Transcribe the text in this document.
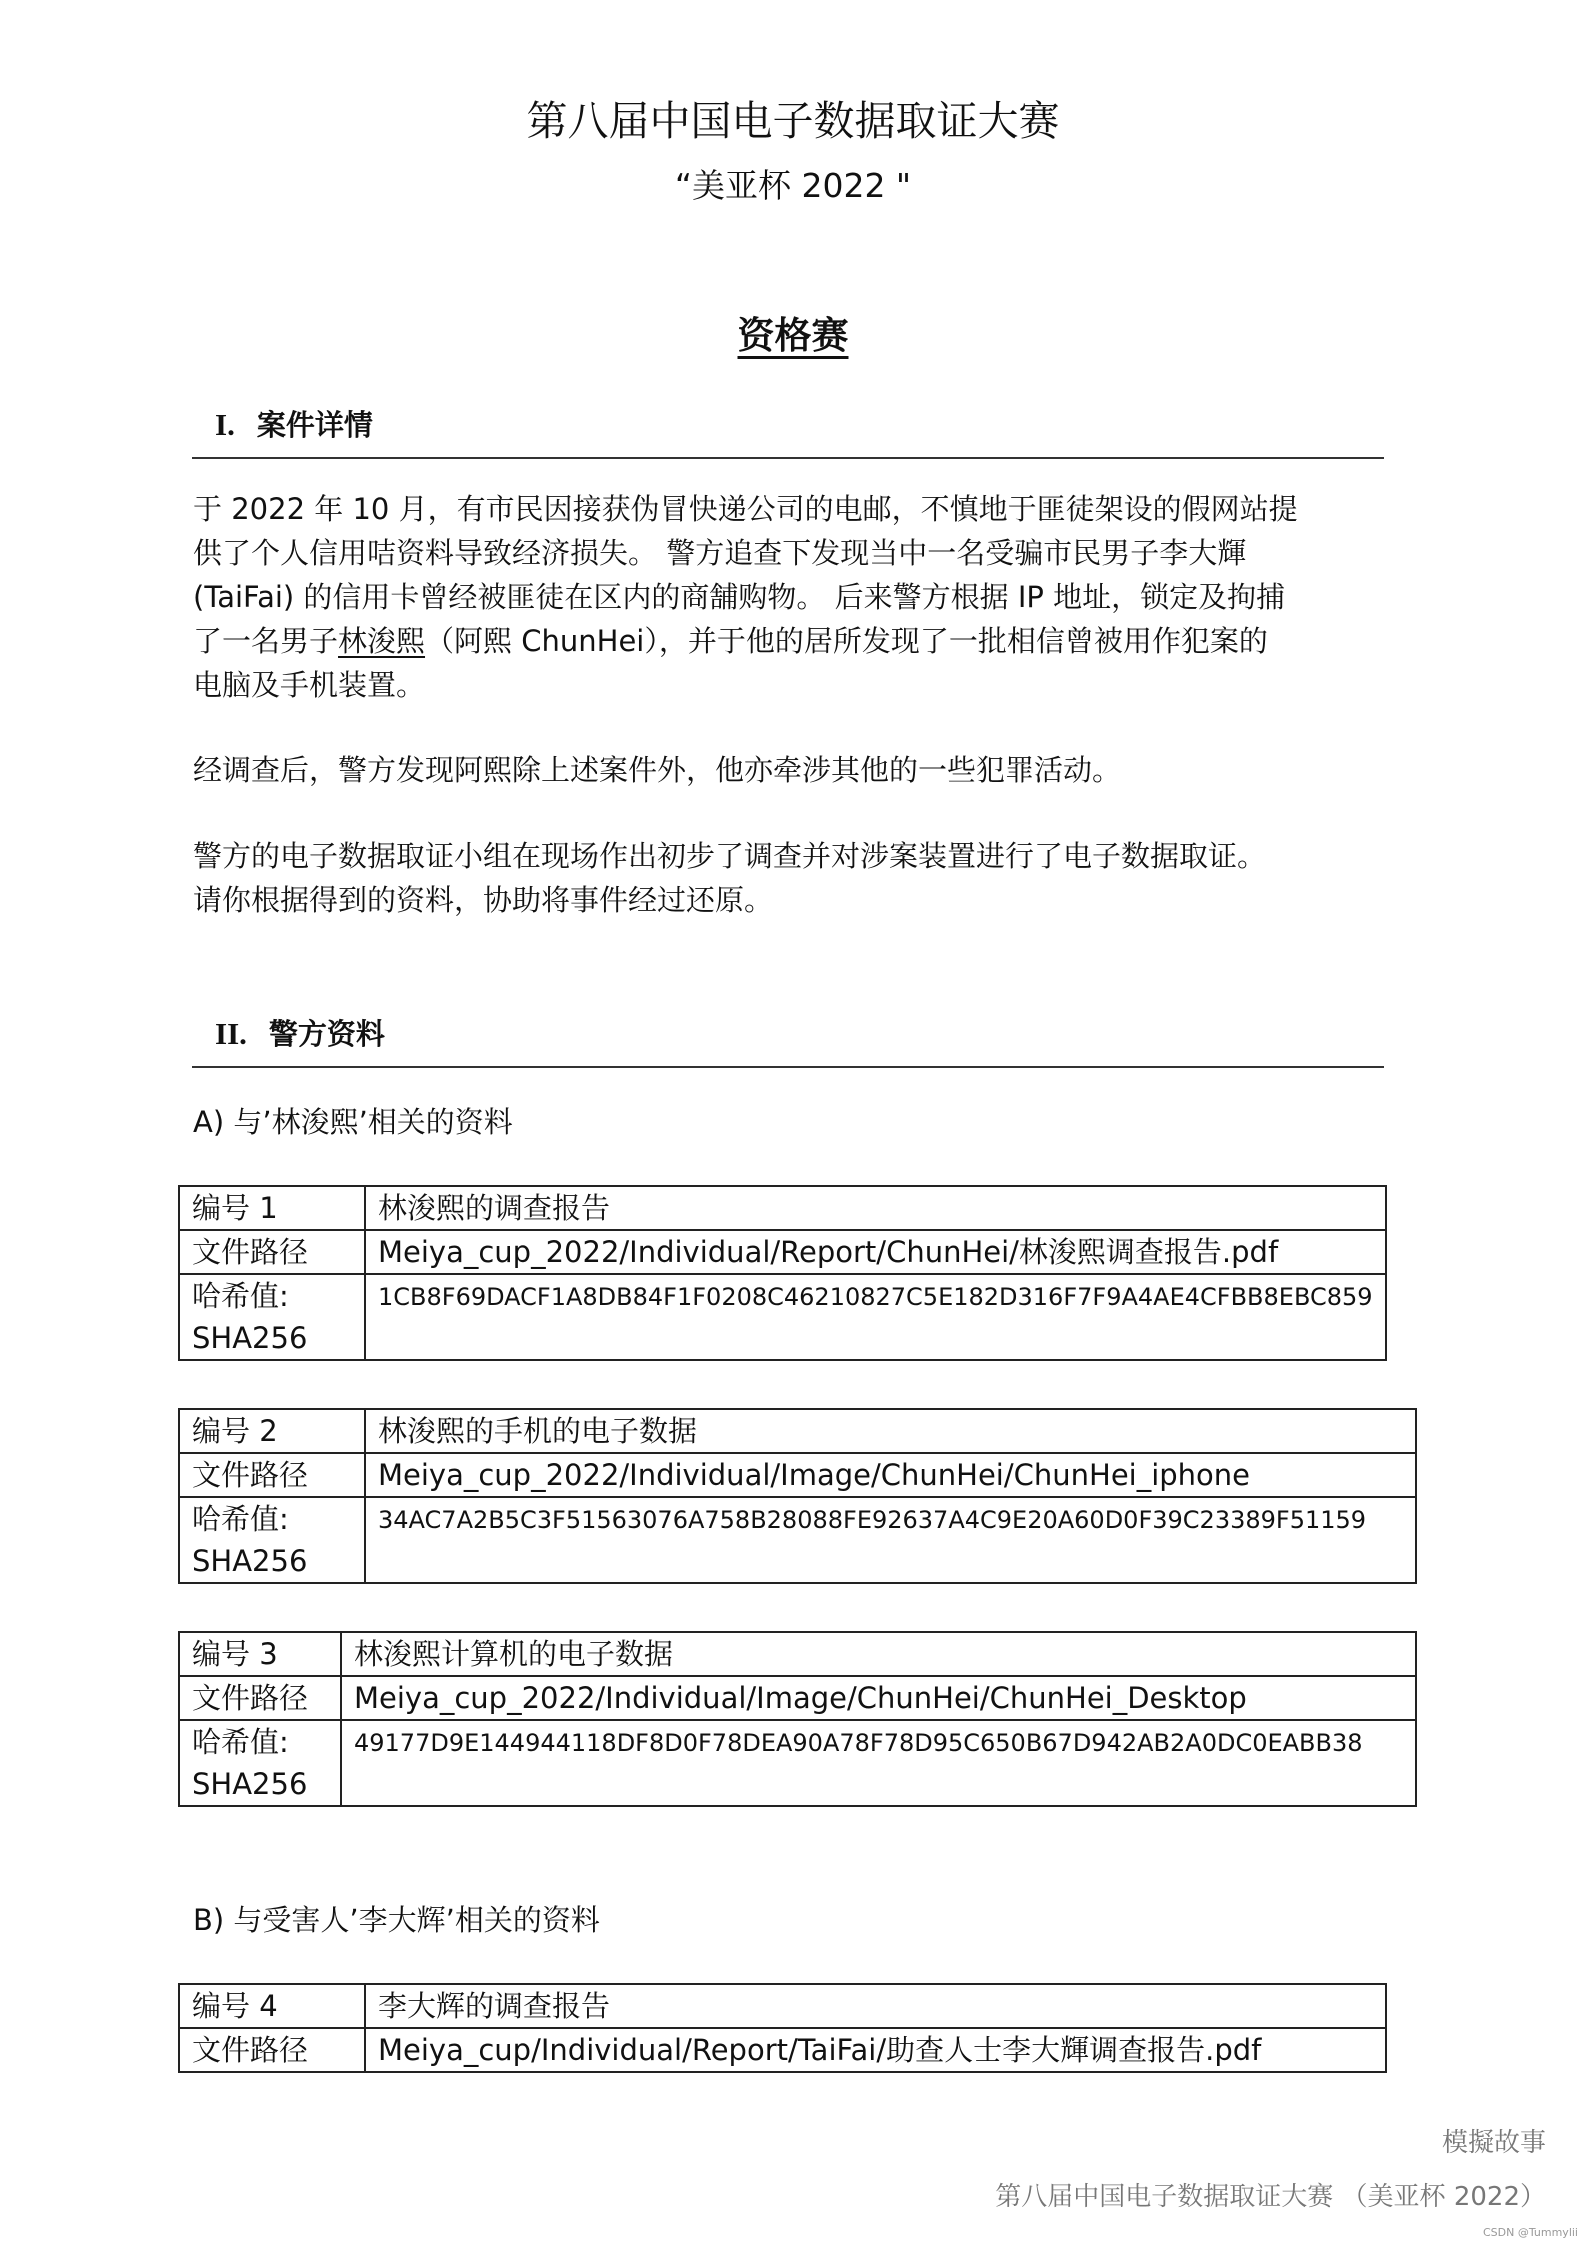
第八届中国电子数据取证大赛
“美亚杯 2022 "
资格赛
I. 案件详情
于 2022 年 10 月，有市民因接获伪冒快递公司的电邮，不慎地于匪徒架设的假网站提
供了个人信用咭资料导致经济损失。 警方追查下发现当中一名受骗市民男子李大輝
(TaiFai) 的信用卡曾经被匪徒在区内的商舗购物。 后来警方根据 IP 地址，锁定及拘捕
了一名男子林浚熙（阿熙 ChunHei），并于他的居所发现了一批相信曾被用作犯案的
电脑及手机装置。
经调查后，警方发现阿熙除上述案件外，他亦牵涉其他的一些犯罪活动。
警方的电子数据取证小组在现场作出初步了调查并对涉案装置进行了电子数据取证。
请你根据得到的资料，协助将事件经过还原。
II. 警方资料
A) 与’林浚熙’相关的资料
编号 1	林浚熙的调查报告
文件路径	Meiya_cup_2022/Individual/Report/ChunHei/林浚熙调查报告.pdf

哈希值:
SHA256	1CB8F69DACF1A8DB84F1F0208C46210827C5E182D316F7F9A4AE4CFBB8EBC859
编号 2	林浚熙的手机的电子数据
文件路径	Meiya_cup_2022/Individual/Image/ChunHei/ChunHei_iphone

哈希值:
SHA256	34AC7A2B5C3F51563076A758B28088FE92637A4C9E20A60D0F39C23389F51159
编号 3	林浚熙计算机的电子数据
文件路径	Meiya_cup_2022/Individual/Image/ChunHei/ChunHei_Desktop

哈希值:
SHA256	49177D9E144944118DF8D0F78DEA90A78F78D95C650B67D942AB2A0DC0EABB38
B) 与受害人’李大辉’相关的资料
编号 4	李大辉的调查报告
文件路径	Meiya_cup/Individual/Report/TaiFai/助查人士李大輝调查报告.pdf
模擬故事
第八届中国电子数据取证大赛 （美亚杯 2022）
CSDN @Tummylii
